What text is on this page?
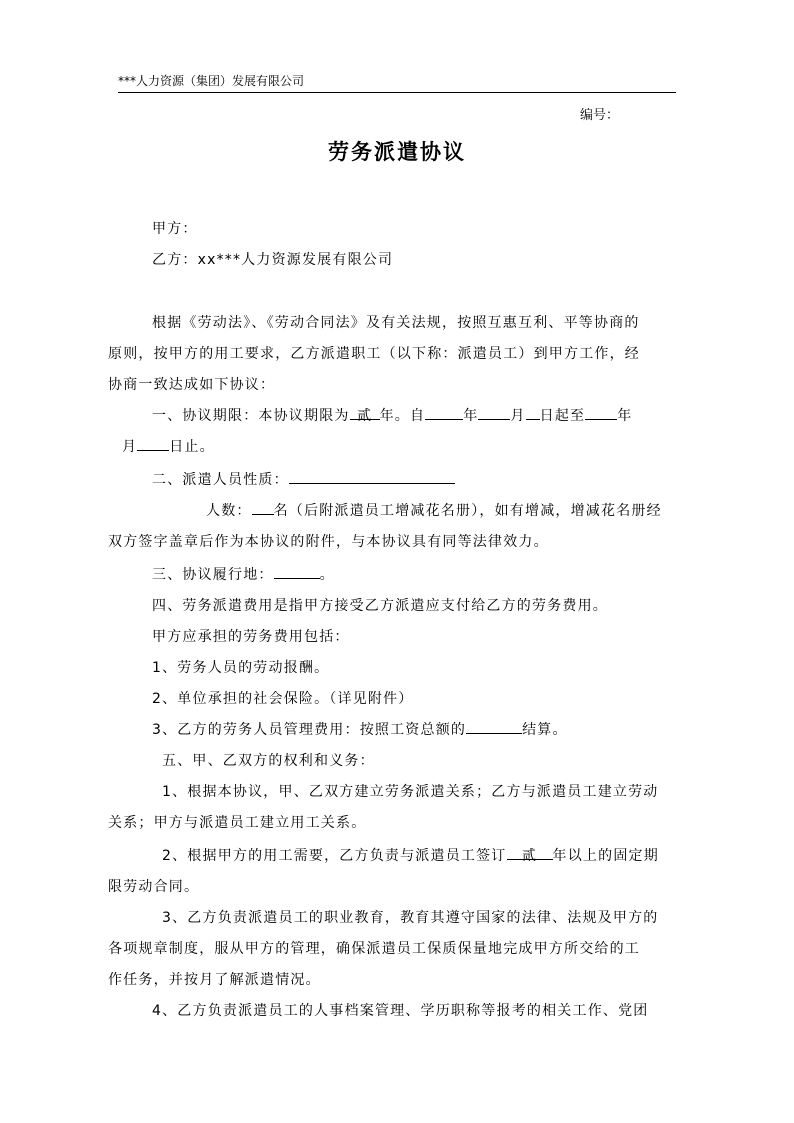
***人力资源（集团）发展有限公司
编号：
劳务派遣协议
甲方：
乙方：xx***人力资源发展有限公司
根据《劳动法》、《劳动合同法》及有关法规，按照互惠互利、平等协商的
原则，按甲方的用工要求，乙方派遣职工（以下称：派遣员工）到甲方工作，经
协商一致达成如下协议：
一、协议期限：本协议期限为 贰 年。自	年 月 日起至 年
月 日止。
二、派遣人员性质：
人数： 名（后附派遣员工增减花名册），如有增减，增减花名册经
双方签字盖章后作为本协议的附件，与本协议具有同等法律效力。
三、协议履行地：	。
四、劳务派遣费用是指甲方接受乙方派遣应支付给乙方的劳务费用。
甲方应承担的劳务费用包括：
1、劳务人员的劳动报酬。
2、单位承担的社会保险。（详见附件）
3、乙方的劳务人员管理费用：按照工资总额的	结算。
五、甲、乙双方的权利和义务：
1、根据本协议，甲、乙双方建立劳务派遣关系；乙方与派遣员工建立劳动
关系；甲方与派遣员工建立用工关系。
2、根据甲方的用工需要，乙方负责与派遣员工签订 贰 年以上的固定期
限劳动合同。
3、乙方负责派遣员工的职业教育，教育其遵守国家的法律、法规及甲方的
各项规章制度，服从甲方的管理，确保派遣员工保质保量地完成甲方所交给的工
作任务，并按月了解派遣情况。
4、乙方负责派遣员工的人事档案管理、学历职称等报考的相关工作、党团
